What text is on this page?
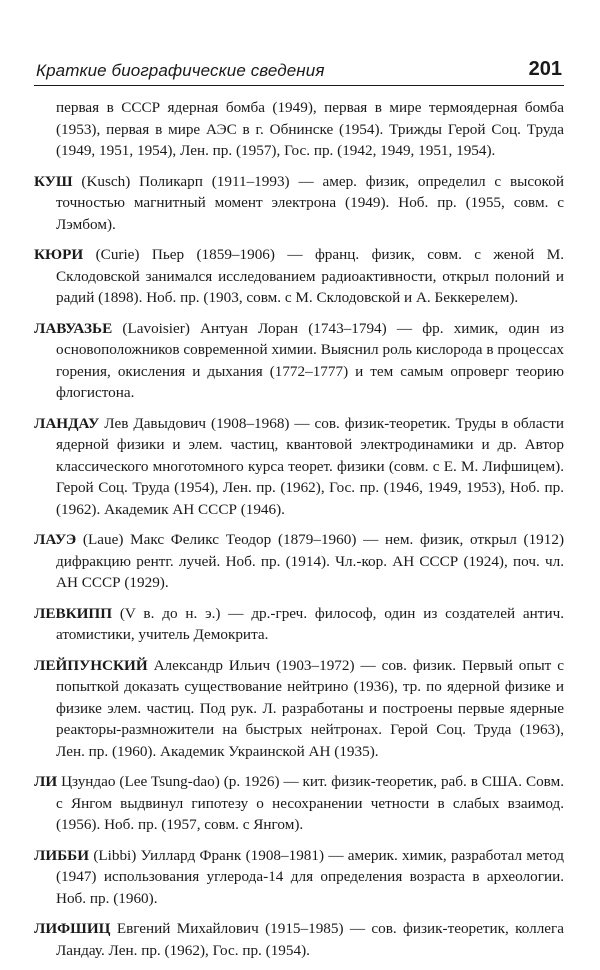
Краткие биографические сведения	201

первая в СССР ядерная бомба (1949), первая в мире термоядерная бомба (1953), первая в мире АЭС в г. Обнинске (1954). Трижды Герой Соц. Труда (1949, 1951, 1954), Лен. пр. (1957), Гос. пр. (1942, 1949, 1951, 1954).

КУШ (Kusch) Поликарп (1911–1993) — амер. физик, определил с высокой точностью магнитный момент электрона (1949). Ноб. пр. (1955, совм. с Лэмбом).

КЮРИ (Curie) Пьер (1859–1906) — франц. физик, совм. с женой М. Склодовской занимался исследованием радиоактивности, открыл полоний и радий (1898). Ноб. пр. (1903, совм. с М. Склодовской и А. Беккерелем).

ЛАВУАЗЬЕ (Lavoisier) Антуан Лоран (1743–1794) — фр. химик, один из основоположников современной химии. Выяснил роль кислорода в процессах горения, окисления и дыхания (1772–1777) и тем самым опроверг теорию флогистона.

ЛАНДАУ Лев Давыдович (1908–1968) — сов. физик-теоретик. Труды в области ядерной физики и элем. частиц, квантовой электродинамики и др. Автор классического многотомного курса теорет. физики (совм. с Е. М. Лифшицем). Герой Соц. Труда (1954), Лен. пр. (1962), Гос. пр. (1946, 1949, 1953), Ноб. пр. (1962). Академик АН СССР (1946).

ЛАУЭ (Laue) Макс Феликс Теодор (1879–1960) — нем. физик, открыл (1912) дифракцию рентг. лучей. Ноб. пр. (1914). Чл.-кор. АН СССР (1924), поч. чл. АН СССР (1929).

ЛЕВКИПП (V в. до н. э.) — др.-греч. философ, один из создателей антич. атомистики, учитель Демокрита.

ЛЕЙПУНСКИЙ Александр Ильич (1903–1972) — сов. физик. Первый опыт с попыткой доказать существование нейтрино (1936), тр. по ядерной физике и физике элем. частиц. Под рук. Л. разработаны и построены первые ядерные реакторы-размножители на быстрых нейтронах. Герой Соц. Труда (1963), Лен. пр. (1960). Академик Украинской АН (1935).

ЛИ Цзундао (Lee Tsung-dao) (р. 1926) — кит. физик-теоретик, раб. в США. Совм. с Янгом выдвинул гипотезу о несохранении четности в слабых взаимод. (1956). Ноб. пр. (1957, совм. с Янгом).

ЛИББИ (Libbi) Уиллард Франк (1908–1981) — америк. химик, разработал метод (1947) использования углерода-14 для определения возраста в археологии. Ноб. пр. (1960).

ЛИФШИЦ Евгений Михайлович (1915–1985) — сов. физик-теоретик, коллега Ландау. Лен. пр. (1962), Гос. пр. (1954).
